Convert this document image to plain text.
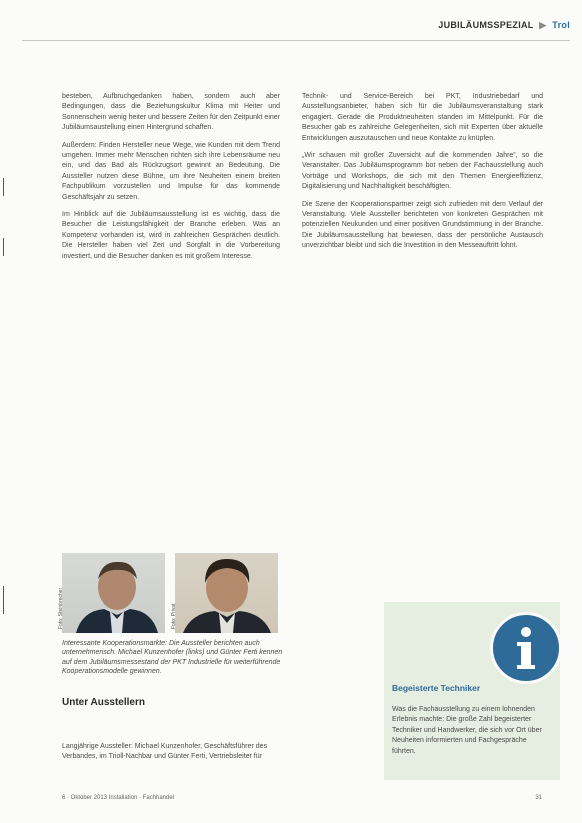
JUBILÄUMSSPEZIAL ▶ Trol

besteben, Aufbruchgedanken haben, sondern auch aber Bedingungen, dass die Beziehungskultur Klima mit Heiter und Sonnenschein wenig heiter und bessere Zeiten für den Zeitpunkt einer Jubiläumsaustellung einen Hintergrund schaffen.

Außerdem: Finden Hersteller neue Wege, wie Kunden mit dem Trend umgehen. Immer mehr Menschen richten sich ihre Lebensräume neu ein, und das Bad als Rückzugsort gewinnt an Bedeutung. Die Aussteller nutzen diese Bühne, um ihre Neuheiten einem breiten Fachpublikum vorzustellen und Impulse für das kommende Geschäftsjahr zu setzen.

Im Hinblick auf die Jubiläumsausstellung ist es wichtig, dass die Besucher die Leistungsfähigkeit der Branche erleben. Was an Kompetenz vorhanden ist, wird in zahlreichen Gesprächen deutlich. Die Hersteller haben viel Zeit und Sorgfalt in die Vorbereitung investiert, und die Besucher danken es mit großem Interesse.

Technik- und Service-Bereich bei PKT, Industriebedarf und Ausstellungsanbieter, haben sich für die Jubiläumsveranstaltung stark engagiert. Gerade die Produktneuheiten standen im Mittelpunkt. Für die Besucher gab es zahlreiche Gelegenheiten, sich mit Experten über aktuelle Entwicklungen auszutauschen und neue Kontakte zu knüpfen.

„Wir schauen mit großer Zuversicht auf die kommenden Jahre“, so die Veranstalter. Das Jubiläumsprogramm bot neben der Fachausstellung auch Vorträge und Workshops, die sich mit den Themen Energieeffizienz, Digitalisierung und Nachhaltigkeit beschäftigten.

Die Szene der Kooperationspartner zeigt sich zufrieden mit dem Verlauf der Veranstaltung. Viele Aussteller berichteten von konkreten Gesprächen mit potenziellen Neukunden und einer positiven Grundstimmung in der Branche. Die Jubiläumsausstellung hat bewiesen, dass der persönliche Austausch unverzichtbar bleibt und sich die Investition in den Messeauftritt lohnt.

Foto: Steinbrecher	Foto: Privat
Interessante Kooperationsmarkte: Die Aussteller berichten auch unternehmerisch. Michael Kunzenhofer (links) und Günter Ferti kennen auf dem Jubiläumsmessestand der PKT Industrielle für weiterführende Kooperationsmodelle gewinnen.
Unter Ausstellern
Langjährige Aussteller: Michael Kunzenhofer, Geschäftsführer des Verbandes, im Trioll-Nachbar und Günter Ferti, Vertriebsleiter für
Begeisterte Techniker
Was die Fachausstellung zu einem lohnenden Erlebnis machte: Die große Zahl begeisterter Techniker und Handwerker, die sich vor Ort über Neuheiten informierten und Fachgespräche führten.
6 · Oktober 2013 Installation · Fachhandel	31
